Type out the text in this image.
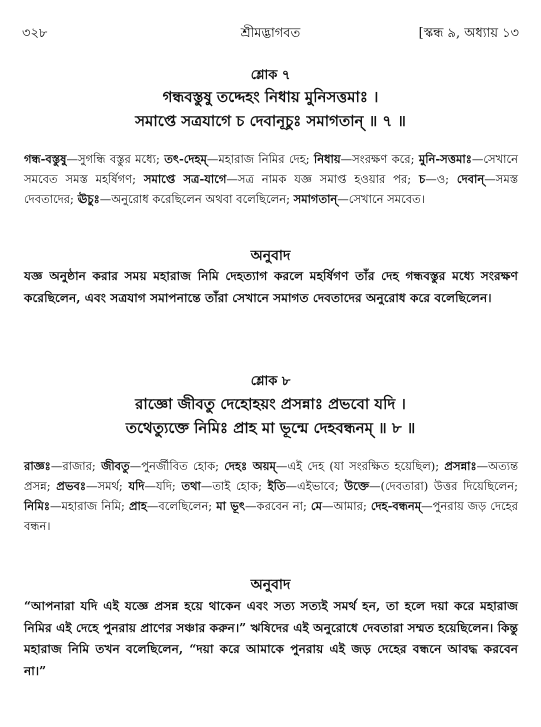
৩২৮	শ্রীমদ্ভাগবত	[স্কন্ধ ৯, অধ্যায় ১৩
শ্লোক ৭
গন্ধবস্তুষু তদ্দেহং নিধায় মুনিসত্তমাঃ ।
সমাপ্তে সত্রযাগে চ দেবানূচুঃ সমাগতান্ ॥ ৭ ॥
গন্ধ-বস্তুষু—সুগন্ধি বস্তুর মধ্যে; তৎ-দেহম্—মহারাজ নিমির দেহ; নিধায়—সংরক্ষণ করে; মুনি-সত্তমাঃ—সেখানে সমবেত সমস্ত মহর্ষিগণ; সমাপ্তে সত্র-যাগে—সত্র নামক যজ্ঞ সমাপ্ত হওয়ার পর; চ—ও; দেবান্—সমস্ত দেবতাদের; ঊচুঃ—অনুরোধ করেছিলেন অথবা বলেছিলেন; সমাগতান্—সেখানে সমবেত।
অনুবাদ
যজ্ঞ অনুষ্ঠান করার সময় মহারাজ নিমি দেহত্যাগ করলে মহর্ষিগণ তাঁর দেহ গন্ধবস্তুর মধ্যে সংরক্ষণ করেছিলেন, এবং সত্রযাগ সমাপনান্তে তাঁরা সেখানে সমাগত দেবতাদের অনুরোধ করে বলেছিলেন।
শ্লোক ৮
রাজ্ঞো জীবতু দেহোহয়ং প্রসন্নাঃ প্রভবো যদি ।
তথেত্যুক্তে নিমিঃ প্রাহ মা ভূন্মে দেহবন্ধনম্ ॥ ৮ ॥
রাজ্ঞঃ—রাজার; জীবতু—পুনর্জীবিত হোক; দেহঃ অয়ম্—এই দেহ (যা সংরক্ষিত হয়েছিল); প্রসন্নাঃ—অত্যন্ত প্রসন্ন; প্রভবঃ—সমর্থ; যদি—যদি; তথা—তাই হোক; ইতি—এইভাবে; উক্তে—(দেবতারা) উত্তর দিয়েছিলেন; নিমিঃ—মহারাজ নিমি; প্রাহ—বলেছিলেন; মা ভূৎ—করবেন না; মে—আমার; দেহ-বন্ধনম্—পুনরায় জড় দেহের বন্ধন।
অনুবাদ
“আপনারা যদি এই যজ্ঞে প্রসন্ন হয়ে থাকেন এবং সত্য সত্যই সমর্থ হন, তা হলে দয়া করে মহারাজ নিমির এই দেহে পুনরায় প্রাণের সঞ্চার করুন।” ঋষিদের এই অনুরোধে দেবতারা সম্মত হয়েছিলেন। কিন্তু মহারাজ নিমি তখন বলেছিলেন, “দয়া করে আমাকে পুনরায় এই জড় দেহের বন্ধনে আবদ্ধ করবেন না।”
